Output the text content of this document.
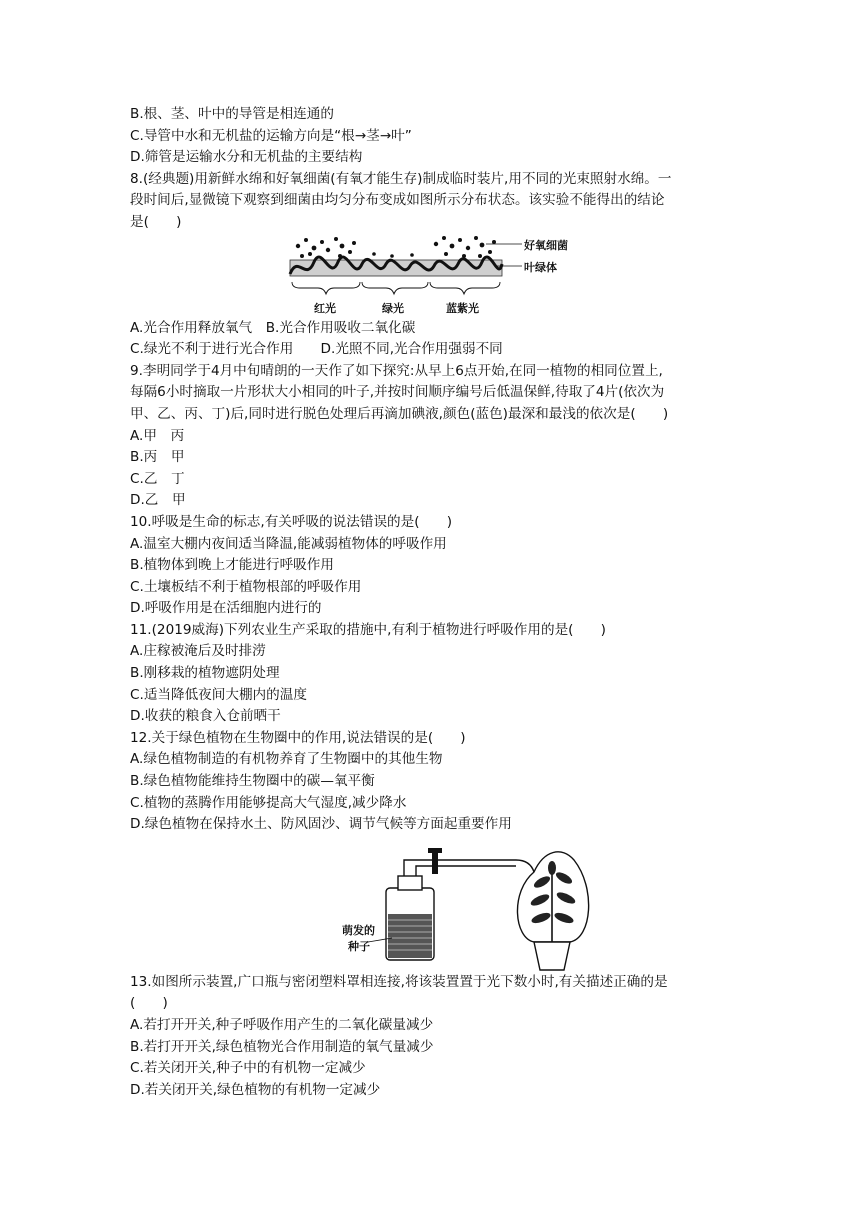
B.根、茎、叶中的导管是相连通的
C.导管中水和无机盐的运输方向是“根→茎→叶”
D.筛管是运输水分和无机盐的主要结构
8.(经典题)用新鲜水绵和好氧细菌(有氧才能生存)制成临时装片,用不同的光束照射水绵。一
段时间后,显微镜下观察到细菌由均匀分布变成如图所示分布状态。该实验不能得出的结论
是(　　)
好氧细菌
叶绿体
红光	绿光	蓝紫光
A.光合作用释放氧气　B.光合作用吸收二氧化碳
C.绿光不利于进行光合作用　　D.光照不同,光合作用强弱不同
9.李明同学于4月中旬晴朗的一天作了如下探究:从早上6点开始,在同一植物的相同位置上,
每隔6小时摘取一片形状大小相同的叶子,并按时间顺序编号后低温保鲜,待取了4片(依次为
甲、乙、丙、丁)后,同时进行脱色处理后再滴加碘液,颜色(蓝色)最深和最浅的依次是(　　)
A.甲　丙
B.丙　甲
C.乙　丁
D.乙　甲
10.呼吸是生命的标志,有关呼吸的说法错误的是(　　)
A.温室大棚内夜间适当降温,能减弱植物体的呼吸作用
B.植物体到晚上才能进行呼吸作用
C.土壤板结不利于植物根部的呼吸作用
D.呼吸作用是在活细胞内进行的
11.(2019威海)下列农业生产采取的措施中,有利于植物进行呼吸作用的是(　　)
A.庄稼被淹后及时排涝
B.刚移栽的植物遮阴处理
C.适当降低夜间大棚内的温度
D.收获的粮食入仓前晒干
12.关于绿色植物在生物圈中的作用,说法错误的是(　　)
A.绿色植物制造的有机物养育了生物圈中的其他生物
B.绿色植物能维持生物圈中的碳—氧平衡
C.植物的蒸腾作用能够提高大气湿度,减少降水
D.绿色植物在保持水土、防风固沙、调节气候等方面起重要作用
萌发的
种子
13.如图所示装置,广口瓶与密闭塑料罩相连接,将该装置置于光下数小时,有关描述正确的是
(　　)
A.若打开开关,种子呼吸作用产生的二氧化碳量减少
B.若打开开关,绿色植物光合作用制造的氧气量减少
C.若关闭开关,种子中的有机物一定减少
D.若关闭开关,绿色植物的有机物一定减少
